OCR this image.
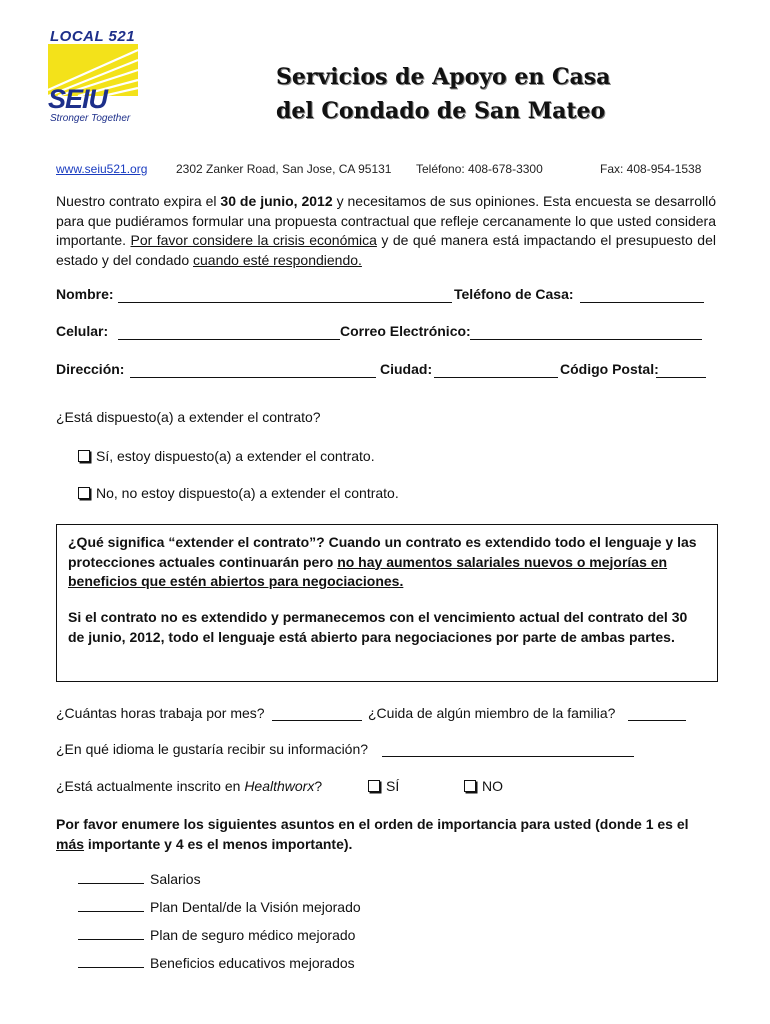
LOCAL 521
SEIU
Stronger Together
Servicios de Apoyo en Casa
del Condado de San Mateo
www.seiu521.org 2302 Zanker Road, San Jose, CA 95131 Teléfono: 408-678-3300	Fax: 408-954-1538
Nuestro contrato expira el 30 de junio, 2012 y necesitamos de sus opiniones. Esta encuesta se desarrolló para que pudiéramos formular una propuesta contractual que refleje cercanamente lo que usted considera importante. Por favor considere la crisis económica y de qué manera está impactando el presupuesto del estado y del condado cuando esté respondiendo.
Nombre:	Teléfono de Casa:
Celular:	Correo Electrónico:
Dirección:	Ciudad:	Código Postal:
¿Está dispuesto(a) a extender el contrato?
Sí, estoy dispuesto(a) a extender el contrato.
No, no estoy dispuesto(a) a extender el contrato.
¿Qué significa “extender el contrato”? Cuando un contrato es extendido todo el lenguaje y las protecciones actuales continuarán pero no hay aumentos salariales nuevos o mejorías en beneficios que estén abiertos para negociaciones.
Si el contrato no es extendido y permanecemos con el vencimiento actual del contrato del 30 de junio, 2012, todo el lenguaje está abierto para negociaciones por parte de ambas partes.
¿Cuántas horas trabaja por mes?	¿Cuida de algún miembro de la familia?
¿En qué idioma le gustaría recibir su información?
¿Está actualmente inscrito en Healthworx?	SÍ	NO
Por favor enumere los siguientes asuntos en el orden de importancia para usted (donde 1 es el más importante y 4 es el menos importante).
Salarios
Plan Dental/de la Visión mejorado
Plan de seguro médico mejorado
Beneficios educativos mejorados
